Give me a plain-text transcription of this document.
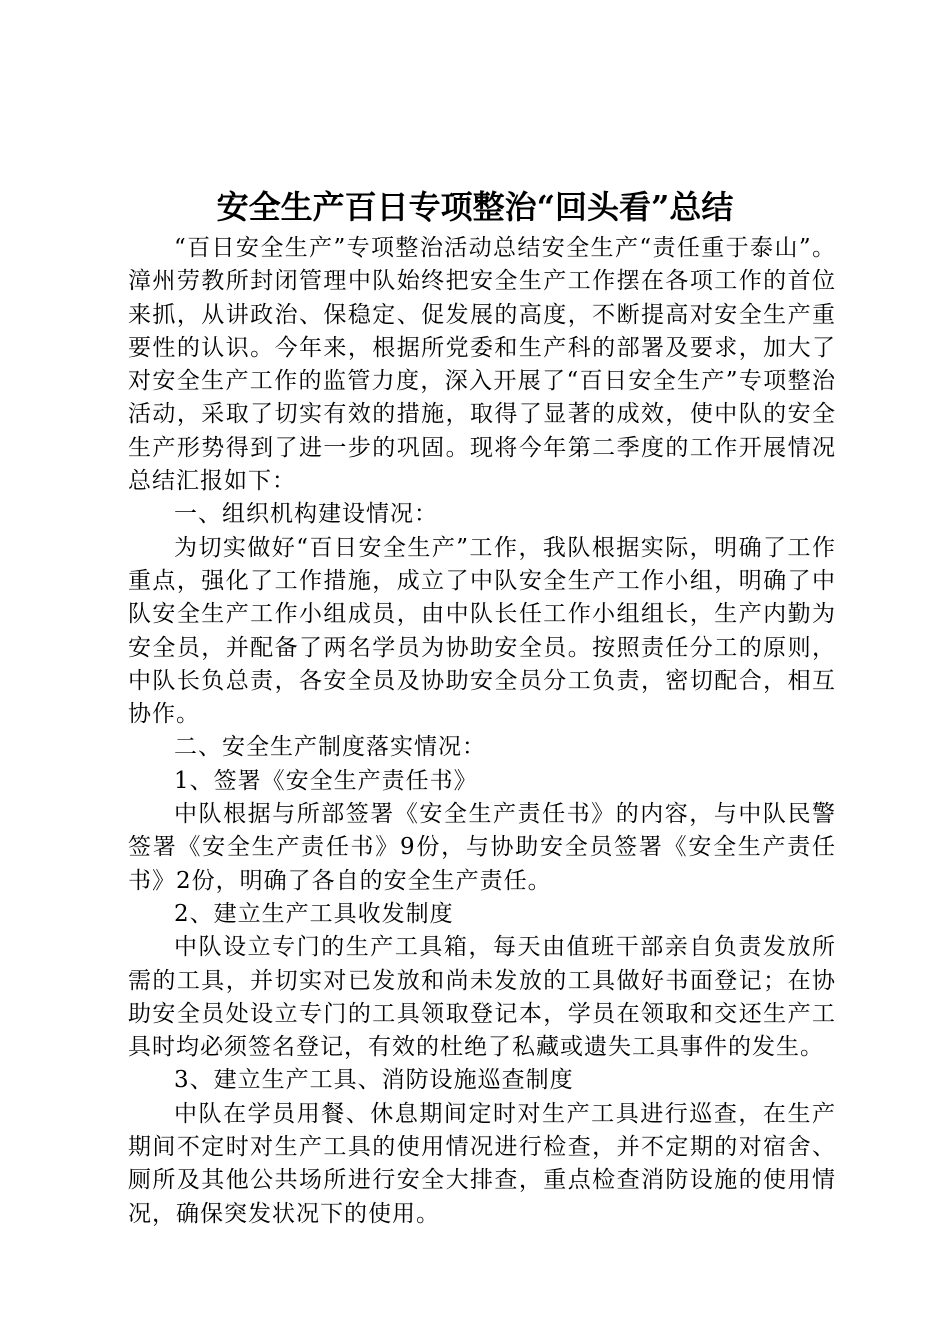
安全生产百日专项整治“回头看”总结

“百日安全生产”专项整治活动总结安全生产“责任重于泰山”。漳州劳教所封闭管理中队始终把安全生产工作摆在各项工作的首位来抓，从讲政治、保稳定、促发展的高度，不断提高对安全生产重要性的认识。今年来，根据所党委和生产科的部署及要求，加大了对安全生产工作的监管力度，深入开展了“百日安全生产”专项整治活动，采取了切实有效的措施，取得了显著的成效，使中队的安全生产形势得到了进一步的巩固。现将今年第二季度的工作开展情况总结汇报如下：

一、组织机构建设情况：

为切实做好“百日安全生产”工作，我队根据实际，明确了工作重点，强化了工作措施，成立了中队安全生产工作小组，明确了中队安全生产工作小组成员，由中队长任工作小组组长，生产内勤为安全员，并配备了两名学员为协助安全员。按照责任分工的原则，中队长负总责，各安全员及协助安全员分工负责，密切配合，相互协作。

二、安全生产制度落实情况：

1、签署《安全生产责任书》

中队根据与所部签署《安全生产责任书》的内容，与中队民警签署《安全生产责任书》9份，与协助安全员签署《安全生产责任书》2份，明确了各自的安全生产责任。

2、建立生产工具收发制度

中队设立专门的生产工具箱，每天由值班干部亲自负责发放所需的工具，并切实对已发放和尚未发放的工具做好书面登记；在协助安全员处设立专门的工具领取登记本，学员在领取和交还生产工具时均必须签名登记，有效的杜绝了私藏或遗失工具事件的发生。

3、建立生产工具、消防设施巡查制度

中队在学员用餐、休息期间定时对生产工具进行巡查，在生产期间不定时对生产工具的使用情况进行检查，并不定期的对宿舍、厕所及其他公共场所进行安全大排查，重点检查消防设施的使用情况，确保突发状况下的使用。
